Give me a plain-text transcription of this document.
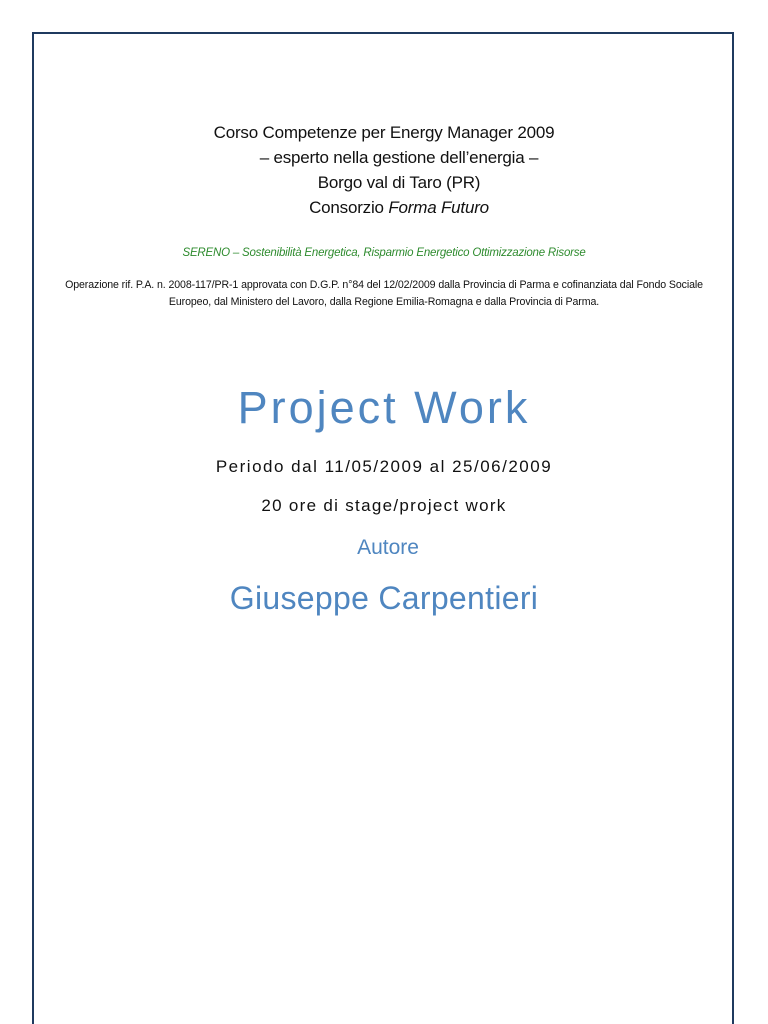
Corso Competenze per Energy Manager 2009
– esperto nella gestione dell’energia –
Borgo val di Taro (PR)
Consorzio Forma Futuro
SERENO – Sostenibilità Energetica, Risparmio Energetico Ottimizzazione Risorse
Operazione rif. P.A. n. 2008-117/PR-1 approvata con D.G.P. n°84 del 12/02/2009 dalla Provincia di Parma e cofinanziata dal Fondo Sociale Europeo, dal Ministero del Lavoro, dalla Regione Emilia-Romagna e dalla Provincia di Parma.
Project Work
Periodo dal 11/05/2009 al 25/06/2009
20 ore di stage/project work
Autore
Giuseppe Carpentieri
